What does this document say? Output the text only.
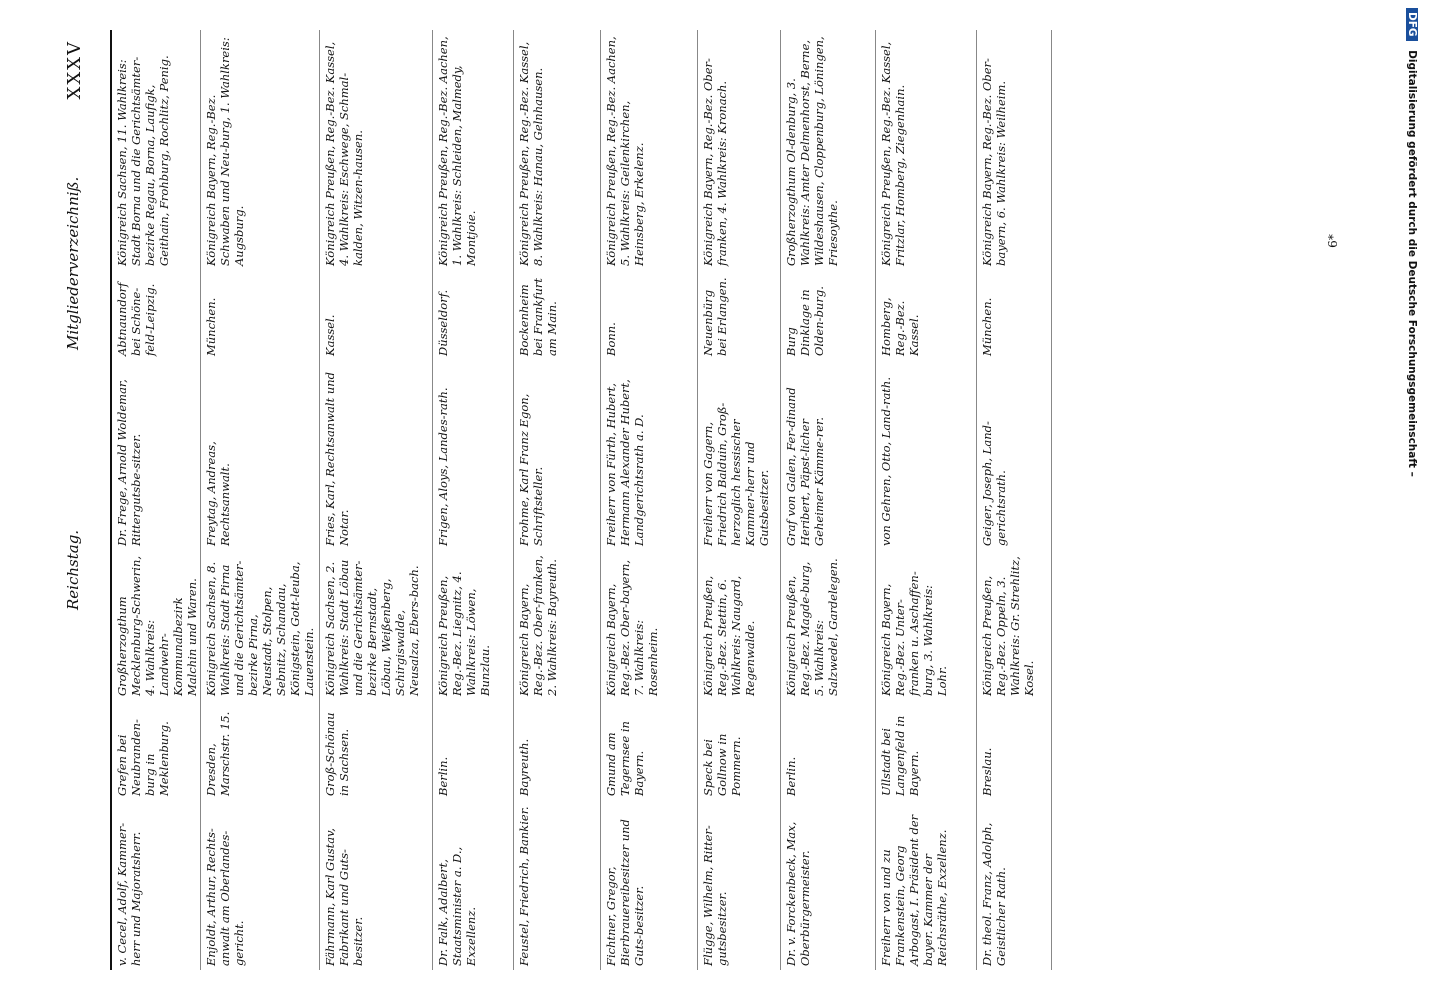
Reichstag.
Mitgliederverzeichniß.
XXXV
v. Cecel, Adolf, Kammer-herr und Majoratsherr.
Grefen bei Neubranden-burg in Meklenburg.
Großherzogthum Mecklenburg-Schwerin, 4. Wahlkreis: Landwehr-Kommunalbezirk Malchin und Waren.
Dr. Frege, Arnold Woldemar, Rittergutsbe-sitzer.
Abtnaundorf bei Schöne-feld-Leipzig.
Königreich Sachsen, 11. Wahlkreis: Stadt Borna und die Gerichtsämter-bezirke Regau, Borna, Laufigk, Geithain, Frohburg, Rochlitz, Penig.
Enjoldt, Arthur, Rechts-anwalt am Oberlandes-gericht.
Dresden, Marschstr. 15.
Königreich Sachsen, 8. Wahlkreis: Stadt Pirna und die Gerichtsämter-bezirke Pirna, Neustadt, Stolpen, Sebnitz, Schandau, Königstein, Gott-leuba, Lauenstein.
Freytag, Andreas, Rechtsanwalt.
München.
Königreich Bayern, Reg.-Bez. Schwaben und Neu-burg, 1. Wahlkreis: Augsburg.
Fährmann, Karl Gustav, Fabrikant und Guts-besitzer.
Groß-Schönau in Sachsen.
Königreich Sachsen, 2. Wahlkreis: Stadt Löbau und die Gerichtsämter-bezirke Bernstadt, Löbau, Weißenberg, Schirgiswalde, Neusalza, Ebers-bach.
Fries, Karl, Rechtsanwalt und Notar.
Kassel.
Königreich Preußen, Reg.-Bez. Kassel, 4. Wahlkreis: Eschwege, Schmal-kalden, Witzen-hausen.
Dr. Falk, Adalbert, Staatsminister a. D., Exzellenz.
Berlin.
Königreich Preußen, Reg.-Bez. Liegnitz, 4. Wahlkreis: Löwen, Bunzlau.
Frigen, Aloys, Landes-rath.
Düsseldorf.
Königreich Preußen, Reg.-Bez. Aachen, 1. Wahlkreis: Schleiden, Malmedy, Montjoie.
Feustel, Friedrich, Bankier.
Bayreuth.
Königreich Bayern, Reg.-Bez. Ober-franken, 2. Wahlkreis: Bayreuth.
Frohme, Karl Franz Egon, Schriftsteller.
Bockenheim bei Frankfurt am Main.
Königreich Preußen, Reg.-Bez. Kassel, 8. Wahlkreis: Hanau, Gelnhausen.
Fichtner, Gregor, Bierbrauereibesitzer und Guts-besitzer.
Gmund am Tegernsee in Bayern.
Königreich Bayern, Reg.-Bez. Ober-bayern, 7. Wahlkreis: Rosenheim.
Freiherr von Fürth, Hubert, Hermann Alexander Hubert, Landgerichtsrath a. D.
Bonn.
Königreich Preußen, Reg.-Bez. Aachen, 5. Wahlkreis: Geilenkirchen, Heinsberg, Erkelenz.
Flügge, Wilhelm, Ritter-gutsbesitzer.
Speck bei Gollnow in Pommern.
Königreich Preußen, Reg.-Bez. Stettin, 6. Wahlkreis: Naugard, Regenwalde.
Freiherr von Gagern, Friedrich Balduin, Groß-herzoglich hessischer Kammer-herr und Gutsbesitzer.
Neuenbürg bei Erlangen.
Königreich Bayern, Reg.-Bez. Ober-franken, 4. Wahlkreis: Kronach.
Dr. v. Forckenbeck, Max, Oberbürgermeister.
Berlin.
Königreich Preußen, Reg.-Bez. Magde-burg, 5. Wahlkreis: Salzwedel, Gardelegen.
Graf von Galen, Fer-dinand Heribert, Päpst-licher Geheimer Kämme-rer.
Burg Dinklage in Olden-burg.
Großherzogthum Ol-denburg, 3. Wahlkreis: Amter Delmenhorst, Berne, Wildeshausen, Cloppenburg, Löningen, Friesoythe.
Freiherr von und zu Frankenstein, Georg Arbogast, I. Präsident der bayer. Kammer der Reichsräthe, Exzellenz.
Ullstadt bei Langenfeld in Bayern.
Königreich Bayern, Reg.-Bez. Unter-franken u. Aschaffen-burg, 3. Wahlkreis: Lohr.
von Gehren, Otto, Land-rath.
Homberg, Reg.-Bez. Kassel.
Königreich Preußen, Reg.-Bez. Kassel, Fritzlar, Homberg, Ziegenhain.
Dr. theol. Franz, Adolph, Geistlicher Rath.
Breslau.
Königreich Preußen, Reg.-Bez. Oppeln, 3. Wahlkreis: Gr. Strehlitz, Kosel.
Geiger, Joseph, Land-gerichtsrath.
München.
Königreich Bayern, Reg.-Bez. Ober-bayern, 6. Wahlkreis: Weilheim.	6*
DFG Digitalisierung gefördert durch die Deutsche Forschungsgemeinschaft –
